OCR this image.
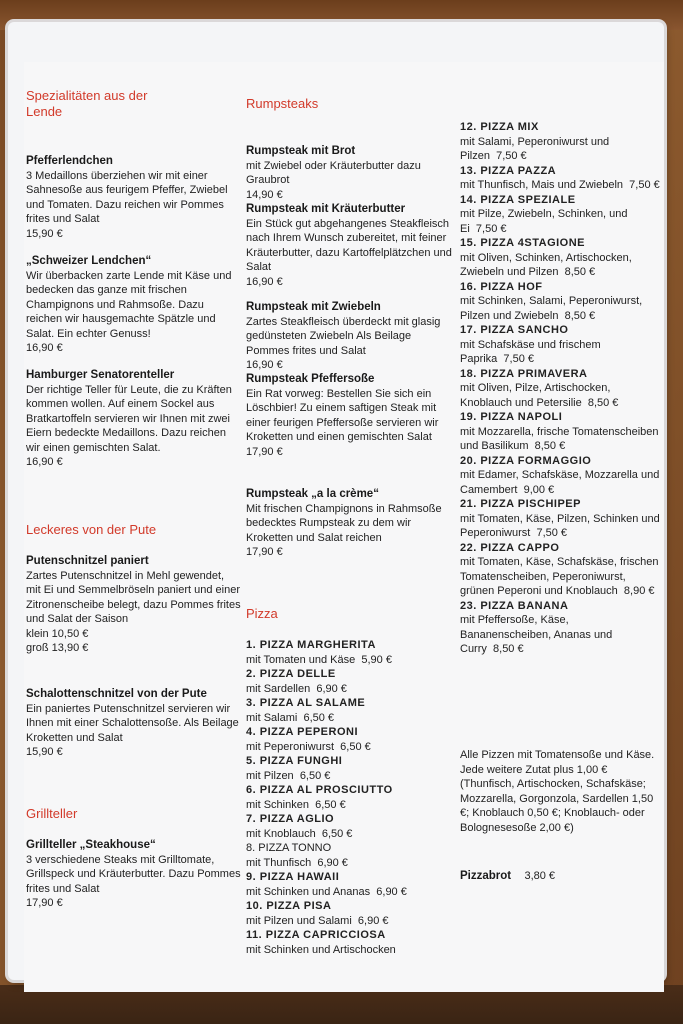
Spezialitäten aus der Lende
Pfefferlendchen
3 Medaillons überziehen wir mit einer Sahnesoße aus feurigem Pfeffer, Zwiebel und Tomaten. Dazu reichen wir Pommes frites und Salat
15,90 €
„Schweizer Lendchen“
Wir überbacken zarte Lende mit Käse und bedecken das ganze mit frischen Champignons und Rahmsoße. Dazu reichen wir hausgemachte Spätzle und Salat. Ein echter Genuss!
16,90 €
Hamburger Senatorenteller
Der richtige Teller für Leute, die zu Kräften kommen wollen. Auf einem Sockel aus Bratkartoffeln servieren wir Ihnen mit zwei Eiern bedeckte Medaillons. Dazu reichen wir einen gemischten Salat.
16,90 €
Leckeres von der Pute
Putenschnitzel paniert
Zartes Putenschnitzel in Mehl gewendet, mit Ei und Semmelbröseln paniert und einer Zitronenscheibe belegt, dazu Pommes frites und Salat der Saison
klein 10,50 €
groß 13,90 €
Schalottenschnitzel von der Pute
Ein paniertes Putenschnitzel servieren wir Ihnen mit einer Schalottensoße. Als Beilage Kroketten und Salat
15,90 €
Grillteller
Grillteller „Steakhouse“
3 verschiedene Steaks mit Grilltomate, Grillspeck und Kräuterbutter. Dazu Pommes frites und Salat
17,90 €
Rumpsteaks
Rumpsteak mit Brot
mit Zwiebel oder Kräuterbutter dazu Graubrot
14,90 €
Rumpsteak mit Kräuterbutter
Ein Stück gut abgehangenes Steakfleisch nach Ihrem Wunsch zubereitet, mit feiner Kräuterbutter, dazu Kartoffelplätzchen und Salat
16,90 €
Rumpsteak mit Zwiebeln
Zartes Steakfleisch überdeckt mit glasig gedünsteten Zwiebeln Als Beilage Pommes frites und Salat
16,90 €
Rumpsteak Pfeffersoße
Ein Rat vorweg: Bestellen Sie sich ein Löschbier! Zu einem saftigen Steak mit einer feurigen Pfeffersoße servieren wir Kroketten und einen gemischten Salat
17,90 €
Rumpsteak „a la crème“
Mit frischen Champignons in Rahmsoße bedecktes Rumpsteak zu dem wir Kroketten und Salat reichen
17,90 €
Pizza
1. PIZZA MARGHERITA
mit Tomaten und Käse 5,90 €
2. PIZZA DELLE
mit Sardellen 6,90 €
3. PIZZA AL SALAME
mit Salami 6,50 €
4. PIZZA PEPERONI
mit Peperoniwurst 6,50 €
5. PIZZA FUNGHI
mit Pilzen 6,50 €
6. PIZZA AL PROSCIUTTO
mit Schinken 6,50 €
7. PIZZA AGLIO
mit Knoblauch 6,50 €
8. PIZZA TONNO
mit Thunfisch 6,90 €
9. PIZZA HAWAII
mit Schinken und Ananas 6,90 €
10. PIZZA PISA
mit Pilzen und Salami 6,90 €
11. PIZZA CAPRICCIOSA
mit Schinken und Artischocken
12. PIZZA MIX
mit Salami, Peperoniwurst und Pilzen 7,50 €
13. PIZZA PAZZA
mit Thunfisch, Mais und Zwiebeln 7,50 €
14. PIZZA SPEZIALE
mit Pilze, Zwiebeln, Schinken, und Ei 7,50 €
15. PIZZA 4STAGIONE
mit Oliven, Schinken, Artischocken, Zwiebeln und Pilzen 8,50 €
16. PIZZA HOF
mit Schinken, Salami, Peperoniwurst, Pilzen und Zwiebeln 8,50 €
17. PIZZA SANCHO
mit Schafskäse und frischem Paprika 7,50 €
18. PIZZA PRIMAVERA
mit Oliven, Pilze, Artischocken, Knoblauch und Petersilie 8,50 €
19. PIZZA NAPOLI
mit Mozzarella, frische Tomatenscheiben und Basilikum 8,50 €
20. PIZZA FORMAGGIO
mit Edamer, Schafskäse, Mozzarella und Camembert 9,00 €
21. PIZZA PISCHIPEP
mit Tomaten, Käse, Pilzen, Schinken und Peperoniwurst 7,50 €
22. PIZZA CAPPO
mit Tomaten, Käse, Schafskäse, frischen Tomatenscheiben, Peperoniwurst, grünen Peperoni und Knoblauch 8,90 €
23. PIZZA BANANA
mit Pfeffersoße, Käse, Bananenscheiben, Ananas und Curry 8,50 €
Alle Pizzen mit Tomatensoße und Käse. Jede weitere Zutat plus 1,00 € (Thunfisch, Artischocken, Schafskäse; Mozzarella, Gorgonzola, Sardellen 1,50 €; Knoblauch 0,50 €; Knoblauch- oder Bolognesesoße 2,00 €)
Pizzabrot 3,80 €
